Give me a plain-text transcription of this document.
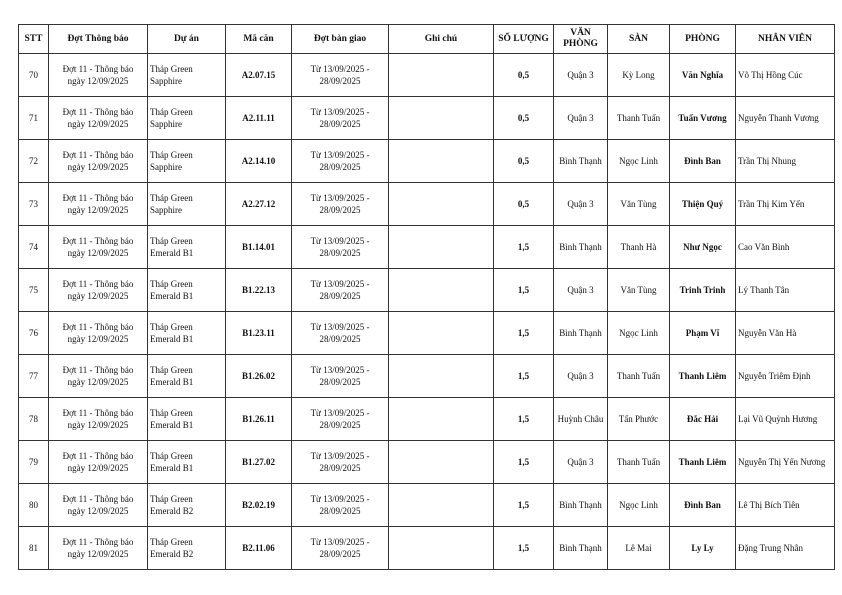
STT	Đợt Thông báo	Dự án	Mã căn	Đợt bàn giao	Ghi chú	SỐ LƯỢNG	VĂN PHÒNG	SÀN	PHÒNG	NHÂN VIÊN
70	Đợt 11 - Thông báo
ngày 12/09/2025	Tháp Green
Sapphire	A2.07.15	Từ 13/09/2025 -
28/09/2025		0,5	Quận 3	Kỳ Long	Văn Nghĩa	Võ Thị Hồng Cúc
71	Đợt 11 - Thông báo
ngày 12/09/2025	Tháp Green
Sapphire	A2.11.11	Từ 13/09/2025 -
28/09/2025		0,5	Quận 3	Thanh Tuấn	Tuấn Vương	Nguyễn Thanh Vương
72	Đợt 11 - Thông báo
ngày 12/09/2025	Tháp Green
Sapphire	A2.14.10	Từ 13/09/2025 -
28/09/2025		0,5	Bình Thạnh	Ngọc Linh	Đình Ban	Trần Thị Nhung
73	Đợt 11 - Thông báo
ngày 12/09/2025	Tháp Green
Sapphire	A2.27.12	Từ 13/09/2025 -
28/09/2025		0,5	Quận 3	Văn Tùng	Thiện Quý	Trần Thị Kim Yến
74	Đợt 11 - Thông báo
ngày 12/09/2025	Tháp Green
Emerald B1	B1.14.01	Từ 13/09/2025 -
28/09/2025		1,5	Bình Thạnh	Thanh Hà	Như Ngọc	Cao Văn Bình
75	Đợt 11 - Thông báo
ngày 12/09/2025	Tháp Green
Emerald B1	B1.22.13	Từ 13/09/2025 -
28/09/2025		1,5	Quận 3	Văn Tùng	Trinh Trinh	Lý Thanh Tân
76	Đợt 11 - Thông báo
ngày 12/09/2025	Tháp Green
Emerald B1	B1.23.11	Từ 13/09/2025 -
28/09/2025		1,5	Bình Thạnh	Ngọc Linh	Phạm Vĩ	Nguyễn Văn Hà
77	Đợt 11 - Thông báo
ngày 12/09/2025	Tháp Green
Emerald B1	B1.26.02	Từ 13/09/2025 -
28/09/2025		1,5	Quận 3	Thanh Tuấn	Thanh Liêm	Nguyễn Triêm Định
78	Đợt 11 - Thông báo
ngày 12/09/2025	Tháp Green
Emerald B1	B1.26.11	Từ 13/09/2025 -
28/09/2025		1,5	Huỳnh Châu	Tấn Phước	Đắc Hải	Lại Vũ Quỳnh Hương
79	Đợt 11 - Thông báo
ngày 12/09/2025	Tháp Green
Emerald B1	B1.27.02	Từ 13/09/2025 -
28/09/2025		1,5	Quận 3	Thanh Tuấn	Thanh Liêm	Nguyễn Thị Yến Nương
80	Đợt 11 - Thông báo
ngày 12/09/2025	Tháp Green
Emerald B2	B2.02.19	Từ 13/09/2025 -
28/09/2025		1,5	Bình Thạnh	Ngọc Linh	Đình Ban	Lê Thị Bích Tiên
81	Đợt 11 - Thông báo
ngày 12/09/2025	Tháp Green
Emerald B2	B2.11.06	Từ 13/09/2025 -
28/09/2025		1,5	Bình Thạnh	Lê Mai	Ly Ly	Đặng Trung Nhân
